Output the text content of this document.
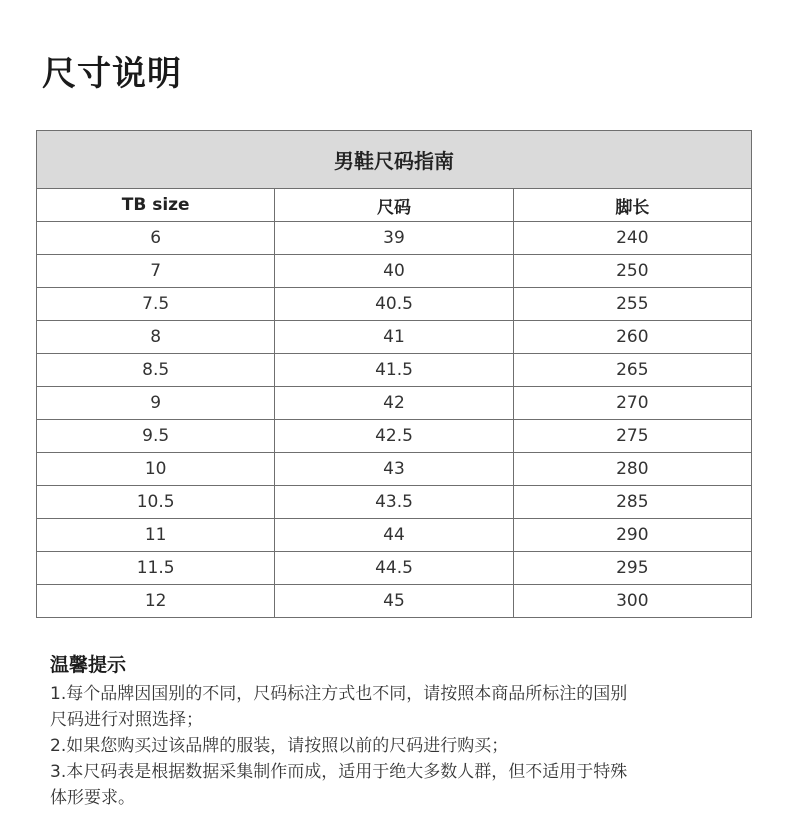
尺寸说明
男鞋尺码指南		
TB size	尺码	脚长
6	39	240
7	40	250
7.5	40.5	255
8	41	260
8.5	41.5	265
9	42	270
9.5	42.5	275
10	43	280
10.5	43.5	285
11	44	290
11.5	44.5	295
12	45	300
温馨提示

1.每个品牌因国别的不同，尺码标注方式也不同，请按照本商品所标注的国别

尺码进行对照选择；

2.如果您购买过该品牌的服装，请按照以前的尺码进行购买；

3.本尺码表是根据数据采集制作而成，适用于绝大多数人群，但不适用于特殊

体形要求。
